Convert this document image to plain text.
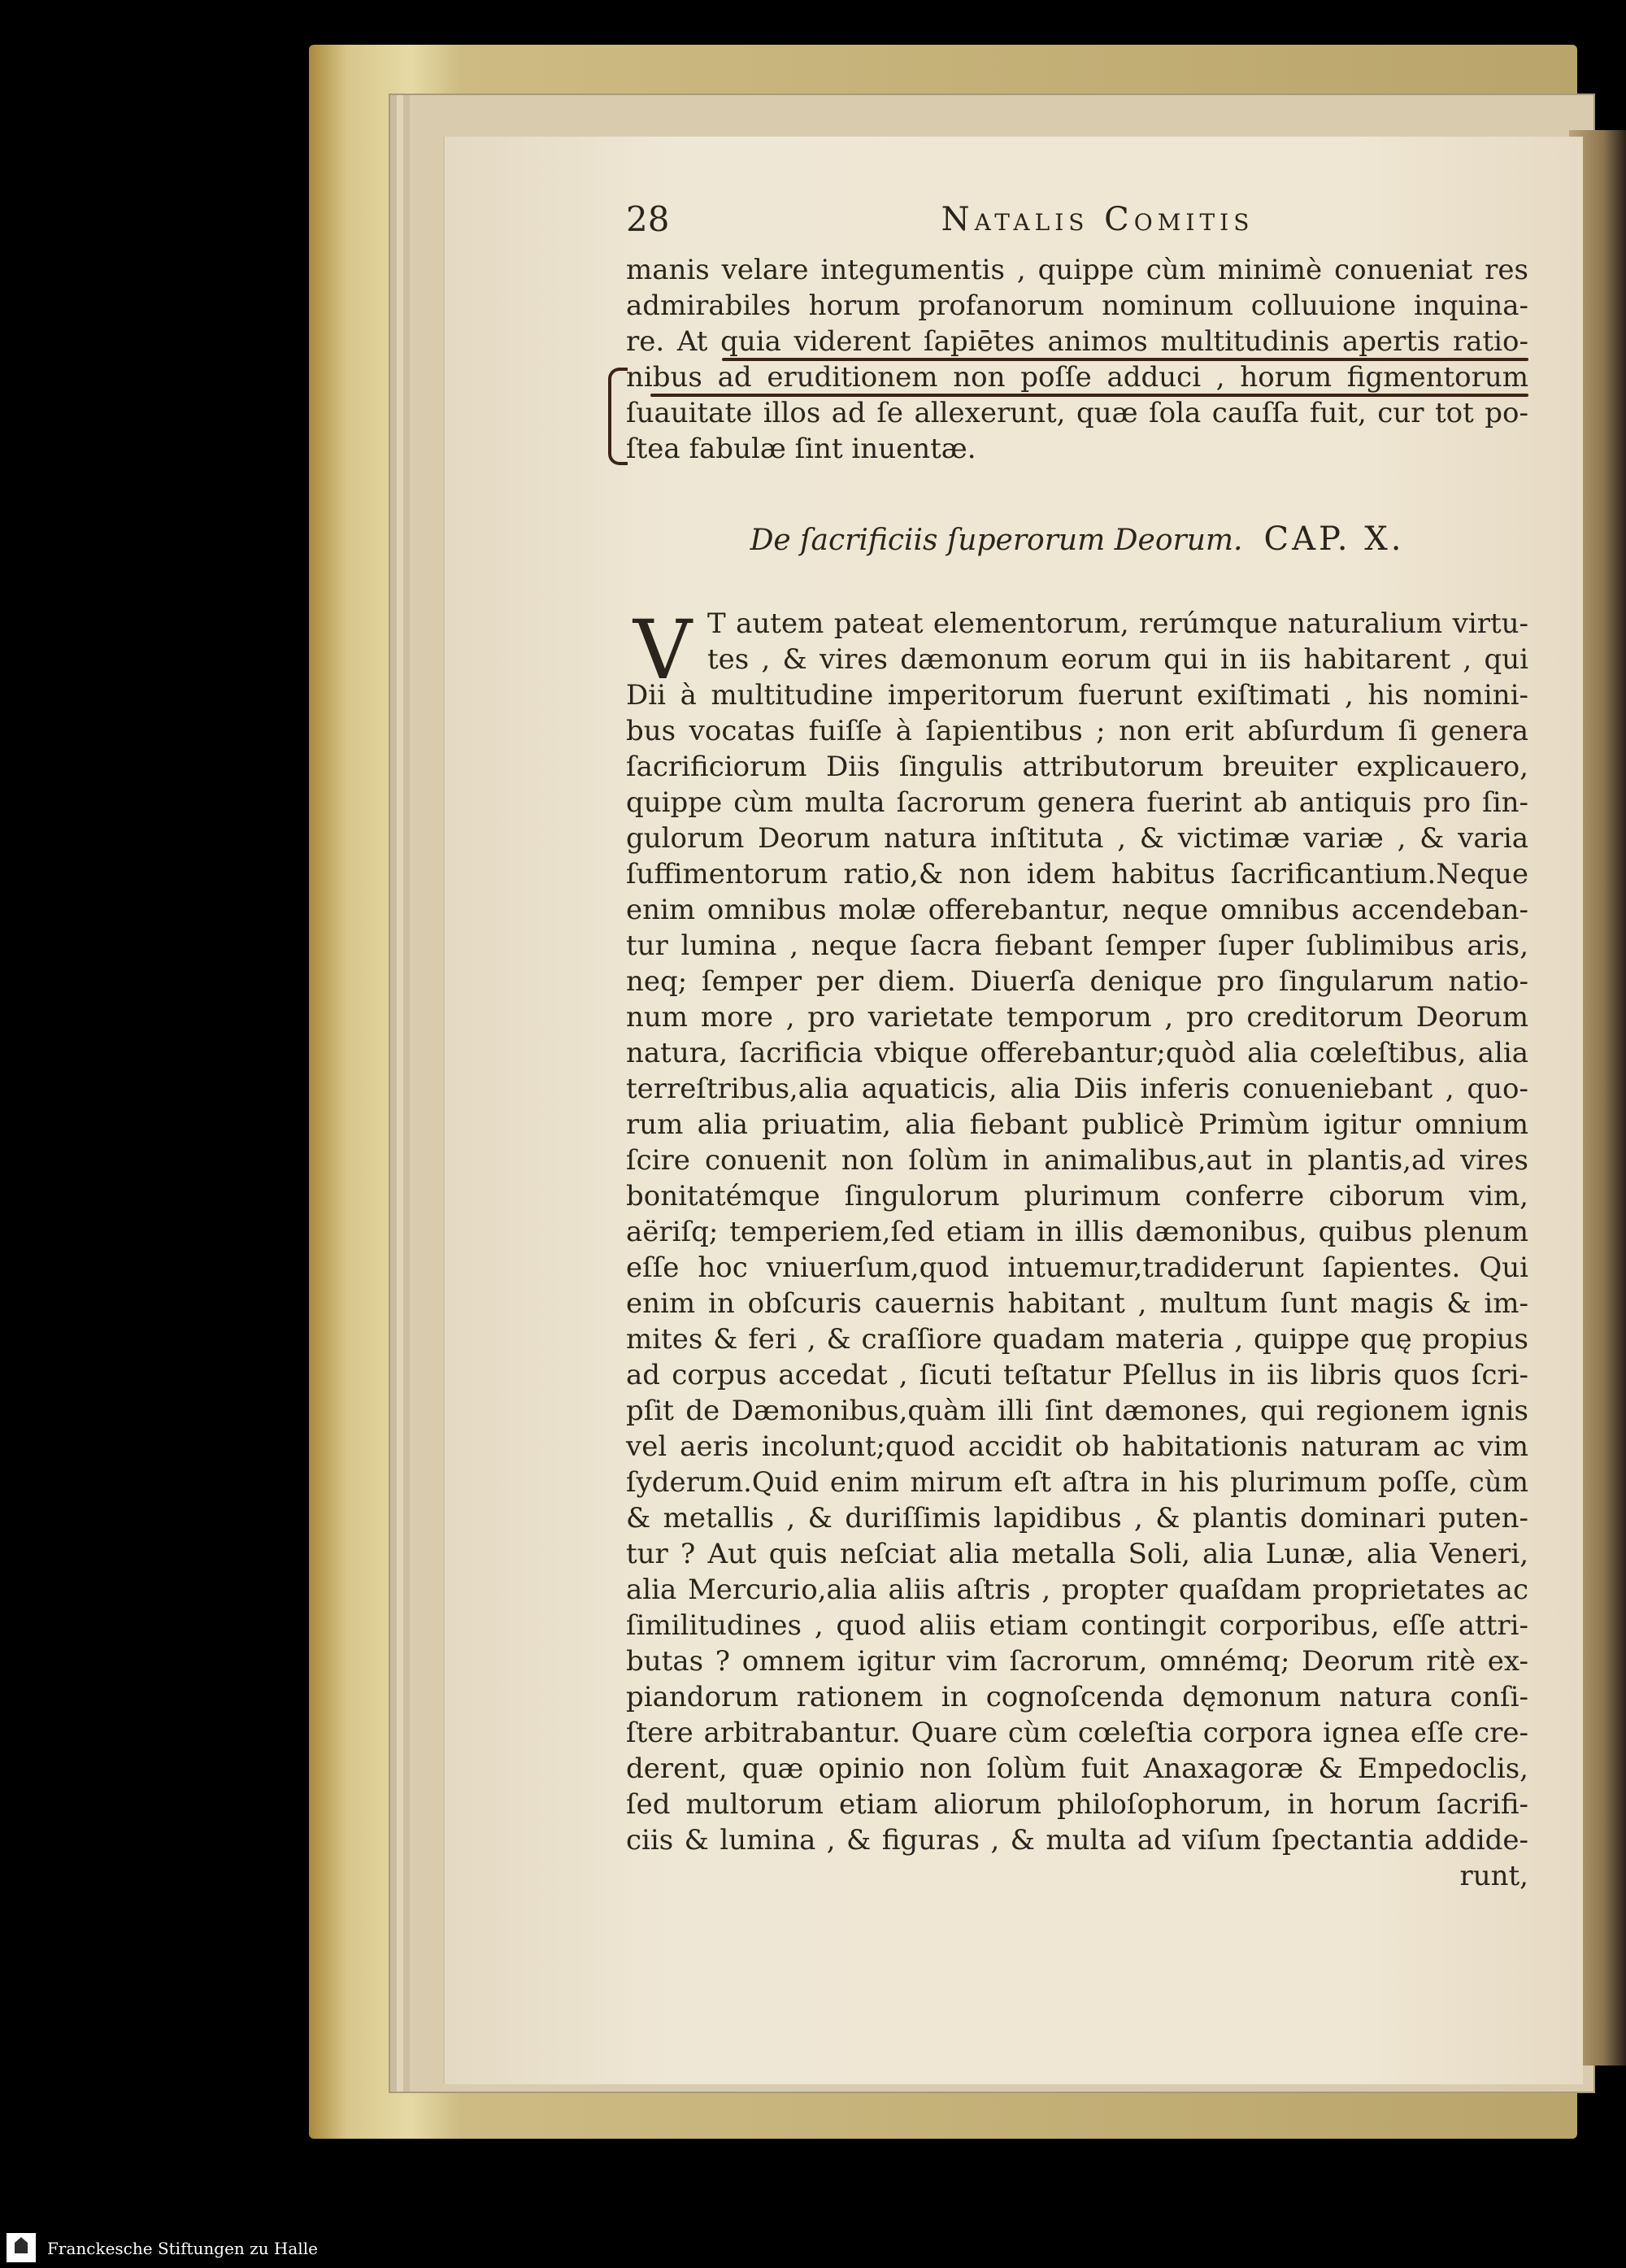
28	Natalis Comitis
manis velare integumentis , quippe cùm minimè conueniat res
admirabiles horum profanorum nominum colluuione inquina-
re. At quia viderent ſapiētes animos multitudinis apertis ratio-
nibus ad eruditionem non poſſe adduci , horum figmentorum
ſuauitate illos ad ſe allexerunt, quæ ſola cauſſa fuit, cur tot po-
ſtea fabulæ ſint inuentæ.
De ſacrificiis ſuperorum Deorum. CAP. X.
V T autem pateat elementorum, rerúmque naturalium virtu-
tes , & vires dæmonum eorum qui in iis habitarent , qui
Dii à multitudine imperitorum fuerunt exiſtimati , his nomini-
bus vocatas fuiſſe à ſapientibus ; non erit abſurdum ſi genera
ſacrificiorum Diis ſingulis attributorum breuiter explicauero,
quippe cùm multa ſacrorum genera fuerint ab antiquis pro ſin-
gulorum Deorum natura inſtituta , & victimæ variæ , & varia
ſuffimentorum ratio,& non idem habitus ſacrificantium.Neque
enim omnibus molæ offerebantur, neque omnibus accendeban-
tur lumina , neque ſacra fiebant ſemper ſuper ſublimibus aris,
neq; ſemper per diem. Diuerſa denique pro ſingularum natio-
num more , pro varietate temporum , pro creditorum Deorum
natura, ſacrificia vbique offerebantur;quòd alia cœleſtibus, alia
terreſtribus,alia aquaticis, alia Diis inferis conueniebant , quo-
rum alia priuatim, alia fiebant publicè Primùm igitur omnium
ſcire conuenit non ſolùm in animalibus,aut in plantis,ad vires
bonitatémque ſingulorum plurimum conferre ciborum vim,
aëriſq; temperiem,ſed etiam in illis dæmonibus, quibus plenum
eſſe hoc vniuerſum,quod intuemur,tradiderunt ſapientes. Qui
enim in obſcuris cauernis habitant , multum ſunt magis & im-
mites & feri , & craſſiore quadam materia , quippe quę propius
ad corpus accedat , ſicuti teſtatur Pſellus in iis libris quos ſcri-
pſit de Dæmonibus,quàm illi ſint dæmones, qui regionem ignis
vel aeris incolunt;quod accidit ob habitationis naturam ac vim
ſyderum.Quid enim mirum eſt aſtra in his plurimum poſſe, cùm
& metallis , & duriſſimis lapidibus , & plantis dominari puten-
tur ? Aut quis neſciat alia metalla Soli, alia Lunæ, alia Veneri,
alia Mercurio,alia aliis aſtris , propter quaſdam proprietates ac
ſimilitudines , quod aliis etiam contingit corporibus, eſſe attri-
butas ? omnem igitur vim ſacrorum, omnémq; Deorum ritè ex-
piandorum rationem in cognoſcenda dęmonum natura conſi-
ſtere arbitrabantur. Quare cùm cœleſtia corpora ignea eſſe cre-
derent, quæ opinio non ſolùm fuit Anaxagoræ & Empedoclis,
ſed multorum etiam aliorum philoſophorum, in horum ſacrifi-
ciis & lumina , & figuras , & multa ad viſum ſpectantia addide-
runt,
Franckesche Stiftungen zu Halle
